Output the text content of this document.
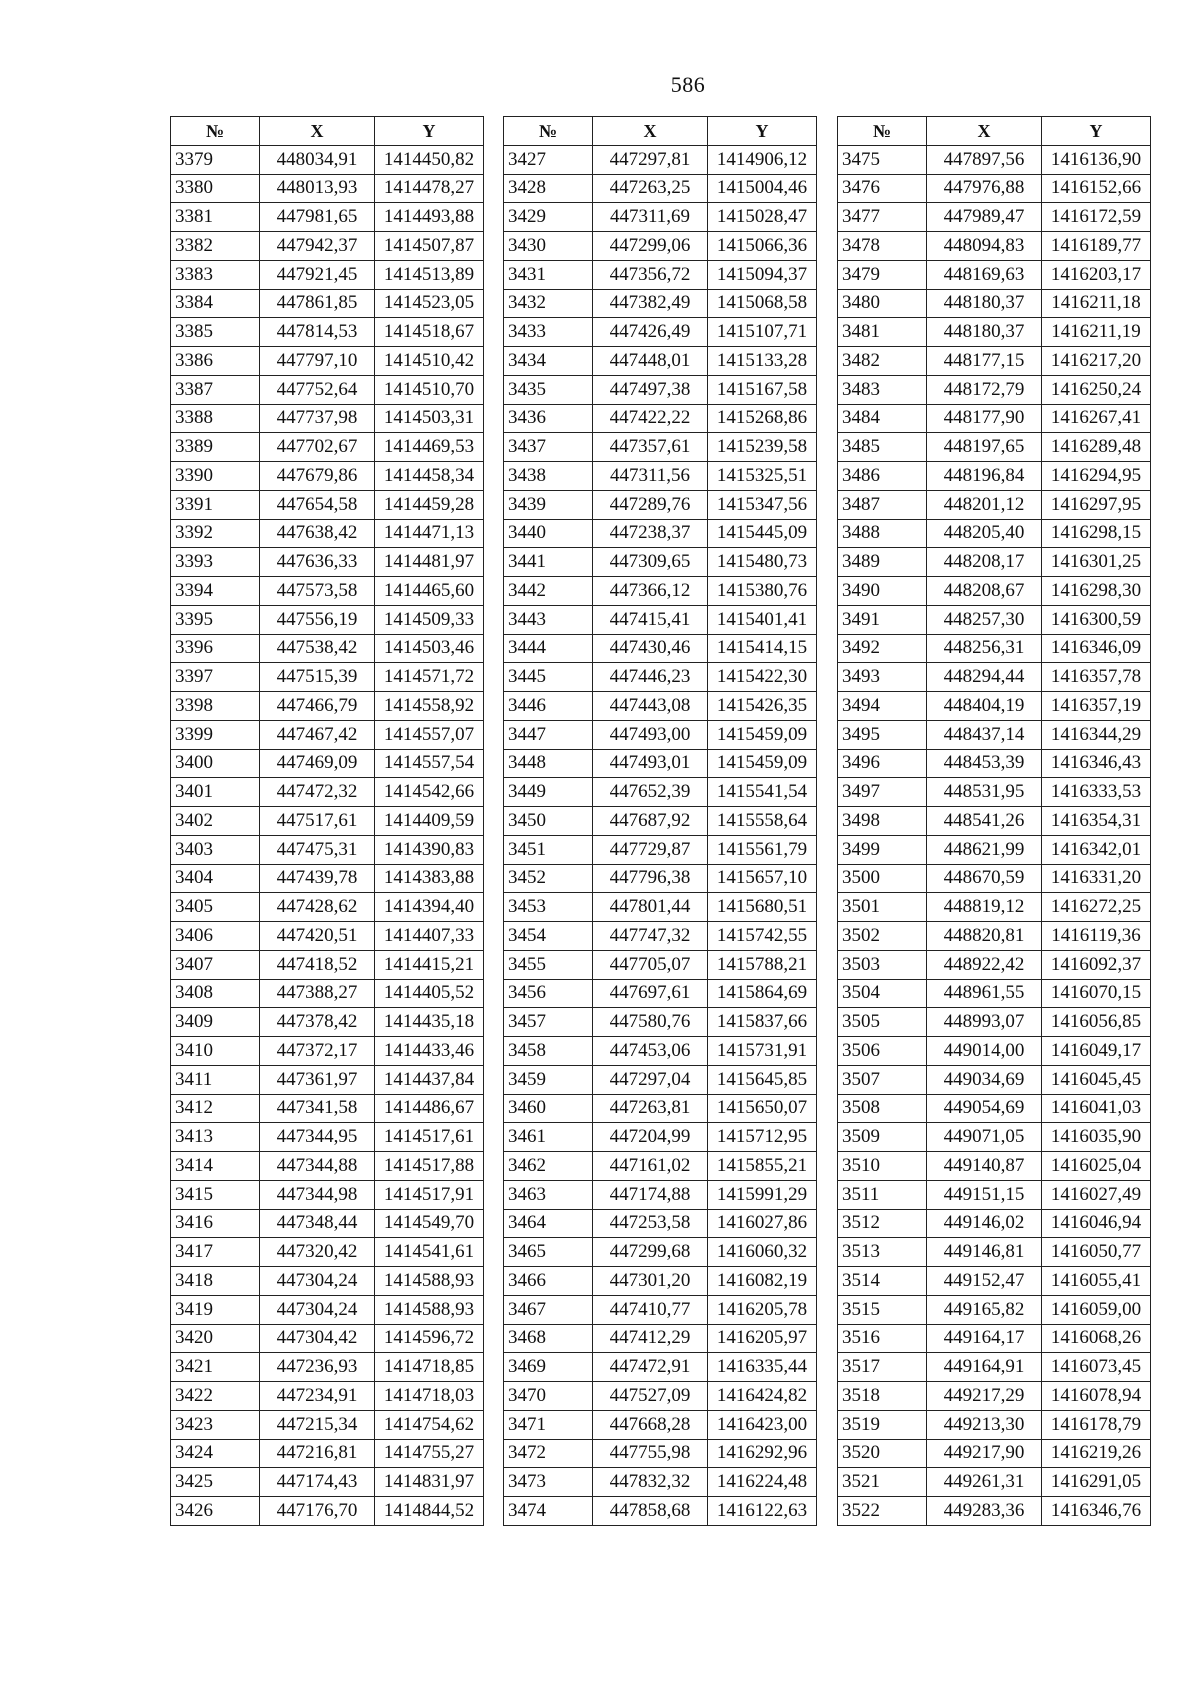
586
№	X	Y
3379	448034,91	1414450,82
3380	448013,93	1414478,27
3381	447981,65	1414493,88
3382	447942,37	1414507,87
3383	447921,45	1414513,89
3384	447861,85	1414523,05
3385	447814,53	1414518,67
3386	447797,10	1414510,42
3387	447752,64	1414510,70
3388	447737,98	1414503,31
3389	447702,67	1414469,53
3390	447679,86	1414458,34
3391	447654,58	1414459,28
3392	447638,42	1414471,13
3393	447636,33	1414481,97
3394	447573,58	1414465,60
3395	447556,19	1414509,33
3396	447538,42	1414503,46
3397	447515,39	1414571,72
3398	447466,79	1414558,92
3399	447467,42	1414557,07
3400	447469,09	1414557,54
3401	447472,32	1414542,66
3402	447517,61	1414409,59
3403	447475,31	1414390,83
3404	447439,78	1414383,88
3405	447428,62	1414394,40
3406	447420,51	1414407,33
3407	447418,52	1414415,21
3408	447388,27	1414405,52
3409	447378,42	1414435,18
3410	447372,17	1414433,46
3411	447361,97	1414437,84
3412	447341,58	1414486,67
3413	447344,95	1414517,61
3414	447344,88	1414517,88
3415	447344,98	1414517,91
3416	447348,44	1414549,70
3417	447320,42	1414541,61
3418	447304,24	1414588,93
3419	447304,24	1414588,93
3420	447304,42	1414596,72
3421	447236,93	1414718,85
3422	447234,91	1414718,03
3423	447215,34	1414754,62
3424	447216,81	1414755,27
3425	447174,43	1414831,97
3426	447176,70	1414844,52
№	X	Y
3427	447297,81	1414906,12
3428	447263,25	1415004,46
3429	447311,69	1415028,47
3430	447299,06	1415066,36
3431	447356,72	1415094,37
3432	447382,49	1415068,58
3433	447426,49	1415107,71
3434	447448,01	1415133,28
3435	447497,38	1415167,58
3436	447422,22	1415268,86
3437	447357,61	1415239,58
3438	447311,56	1415325,51
3439	447289,76	1415347,56
3440	447238,37	1415445,09
3441	447309,65	1415480,73
3442	447366,12	1415380,76
3443	447415,41	1415401,41
3444	447430,46	1415414,15
3445	447446,23	1415422,30
3446	447443,08	1415426,35
3447	447493,00	1415459,09
3448	447493,01	1415459,09
3449	447652,39	1415541,54
3450	447687,92	1415558,64
3451	447729,87	1415561,79
3452	447796,38	1415657,10
3453	447801,44	1415680,51
3454	447747,32	1415742,55
3455	447705,07	1415788,21
3456	447697,61	1415864,69
3457	447580,76	1415837,66
3458	447453,06	1415731,91
3459	447297,04	1415645,85
3460	447263,81	1415650,07
3461	447204,99	1415712,95
3462	447161,02	1415855,21
3463	447174,88	1415991,29
3464	447253,58	1416027,86
3465	447299,68	1416060,32
3466	447301,20	1416082,19
3467	447410,77	1416205,78
3468	447412,29	1416205,97
3469	447472,91	1416335,44
3470	447527,09	1416424,82
3471	447668,28	1416423,00
3472	447755,98	1416292,96
3473	447832,32	1416224,48
3474	447858,68	1416122,63
№	X	Y
3475	447897,56	1416136,90
3476	447976,88	1416152,66
3477	447989,47	1416172,59
3478	448094,83	1416189,77
3479	448169,63	1416203,17
3480	448180,37	1416211,18
3481	448180,37	1416211,19
3482	448177,15	1416217,20
3483	448172,79	1416250,24
3484	448177,90	1416267,41
3485	448197,65	1416289,48
3486	448196,84	1416294,95
3487	448201,12	1416297,95
3488	448205,40	1416298,15
3489	448208,17	1416301,25
3490	448208,67	1416298,30
3491	448257,30	1416300,59
3492	448256,31	1416346,09
3493	448294,44	1416357,78
3494	448404,19	1416357,19
3495	448437,14	1416344,29
3496	448453,39	1416346,43
3497	448531,95	1416333,53
3498	448541,26	1416354,31
3499	448621,99	1416342,01
3500	448670,59	1416331,20
3501	448819,12	1416272,25
3502	448820,81	1416119,36
3503	448922,42	1416092,37
3504	448961,55	1416070,15
3505	448993,07	1416056,85
3506	449014,00	1416049,17
3507	449034,69	1416045,45
3508	449054,69	1416041,03
3509	449071,05	1416035,90
3510	449140,87	1416025,04
3511	449151,15	1416027,49
3512	449146,02	1416046,94
3513	449146,81	1416050,77
3514	449152,47	1416055,41
3515	449165,82	1416059,00
3516	449164,17	1416068,26
3517	449164,91	1416073,45
3518	449217,29	1416078,94
3519	449213,30	1416178,79
3520	449217,90	1416219,26
3521	449261,31	1416291,05
3522	449283,36	1416346,76
